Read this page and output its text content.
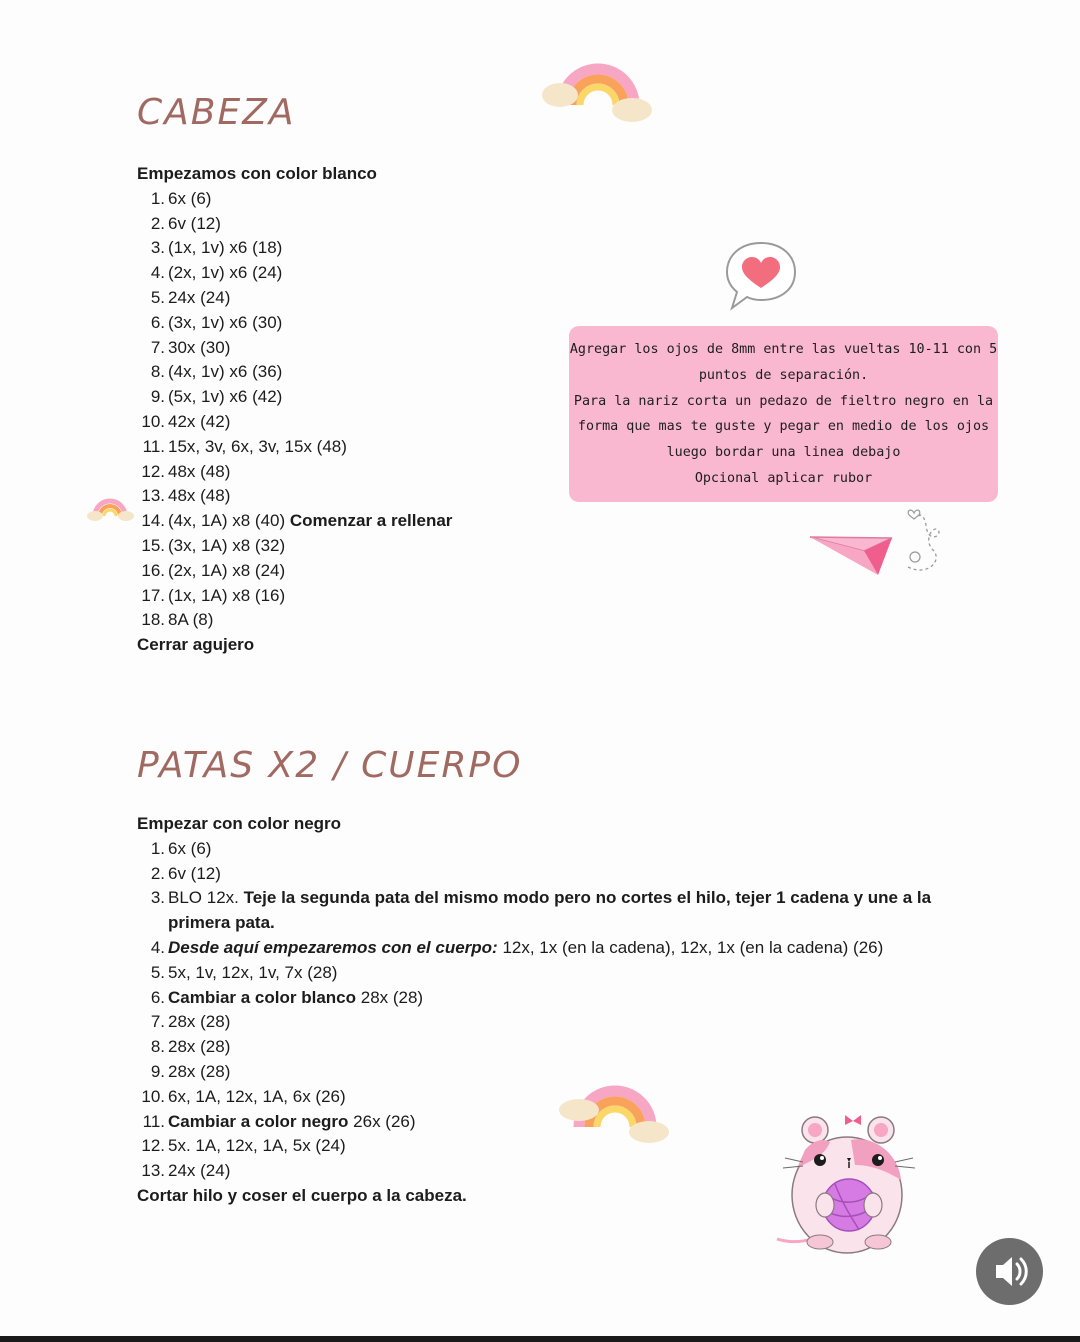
CABEZA
Empezamos con color blanco
1. 6x (6)
2. 6v (12)
3. (1x, 1v) x6 (18)
4. (2x, 1v) x6 (24)
5. 24x (24)
6. (3x, 1v) x6 (30)
7. 30x (30)
8. (4x, 1v) x6 (36)
9. (5x, 1v) x6 (42)
10. 42x (42)
11. 15x, 3v, 6x, 3v, 15x (48)
12. 48x (48)
13. 48x (48)
14. (4x, 1A) x8 (40) Comenzar a rellenar
15. (3x, 1A) x8 (32)
16. (2x, 1A) x8 (24)
17. (1x, 1A) x8 (16)
18. 8A (8)
Cerrar agujero
Agregar los ojos de 8mm entre las vueltas 10-11 con 5
puntos de separación.
Para la nariz corta un pedazo de fieltro negro en la
forma que mas te guste y pegar en medio de los ojos
luego bordar una linea debajo
Opcional aplicar rubor
PATAS X2 / CUERPO
Empezar con color negro
1. 6x (6)
2. 6v (12)
3. BLO 12x. Teje la segunda pata del mismo modo pero no cortes el hilo, tejer 1 cadena y une a la primera pata.
4. Desde aquí empezaremos con el cuerpo: 12x, 1x (en la cadena), 12x, 1x (en la cadena) (26)
5. 5x, 1v, 12x, 1v, 7x (28)
6. Cambiar a color blanco 28x (28)
7. 28x (28)
8. 28x (28)
9. 28x (28)
10. 6x, 1A, 12x, 1A, 6x (26)
11. Cambiar a color negro 26x (26)
12. 5x. 1A, 12x, 1A, 5x (24)
13. 24x (24)
Cortar hilo y coser el cuerpo a la cabeza.
